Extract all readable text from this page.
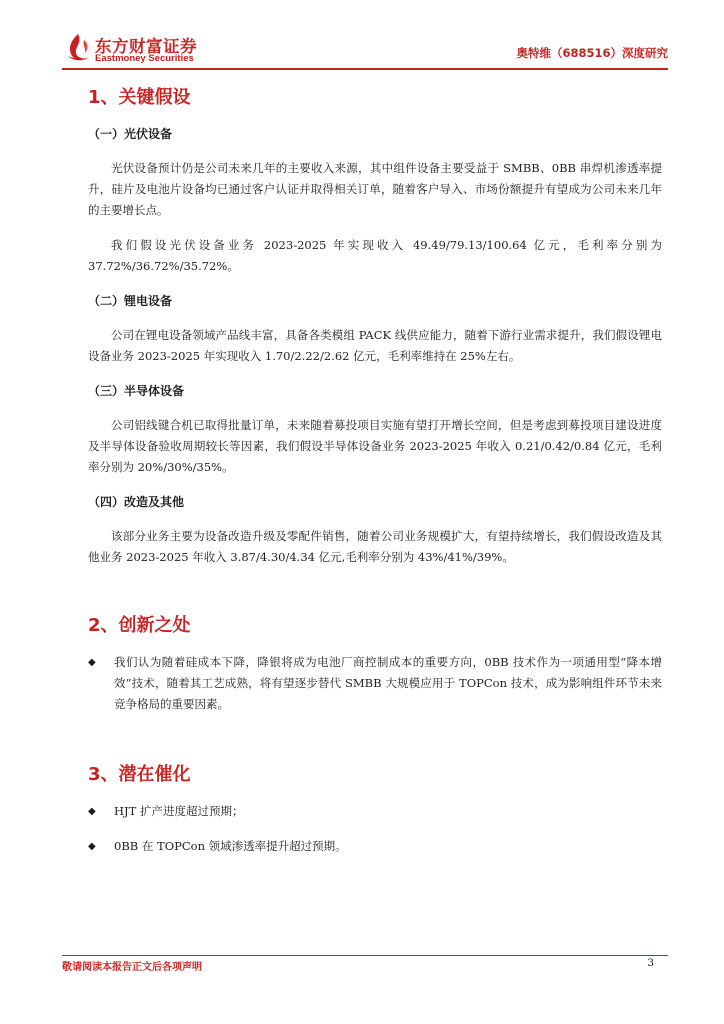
东方财富证券
Eastmoney Securities	奥特维（688516）深度研究
1、关键假设
（一）光伏设备

光伏设备预计仍是公司未来几年的主要收入来源，其中组件设备主要受益于 SMBB、0BB 串焊机渗透率提升，硅片及电池片设备均已通过客户认证并取得相关订单，随着客户导入、市场份额提升有望成为公司未来几年的主要增长点。

我们假设光伏设备业务 2023-2025 年实现收入 49.49/79.13/100.64 亿元，毛利率分别为 37.72%/36.72%/35.72%。

（二）锂电设备

公司在锂电设备领域产品线丰富，具备各类模组 PACK 线供应能力，随着下游行业需求提升，我们假设锂电设备业务 2023-2025 年实现收入 1.70/2.22/2.62 亿元，毛利率维持在 25%左右。

（三）半导体设备

公司铝线键合机已取得批量订单，未来随着募投项目实施有望打开增长空间，但是考虑到募投项目建设进度及半导体设备验收周期较长等因素，我们假设半导体设备业务 2023-2025 年收入 0.21/0.42/0.84 亿元，毛利率分别为 20%/30%/35%。

（四）改造及其他

该部分业务主要为设备改造升级及零配件销售，随着公司业务规模扩大，有望持续增长，我们假设改造及其他业务 2023-2025 年收入 3.87/4.30/4.34 亿元,毛利率分别为 43%/41%/39%。

2、创新之处
◆ 我们认为随着硅成本下降，降银将成为电池厂商控制成本的重要方向，0BB 技术作为一项通用型“降本增效”技术，随着其工艺成熟，将有望逐步替代 SMBB 大规模应用于 TOPCon 技术，成为影响组件环节未来竞争格局的重要因素。
3、潜在催化
◆ HJT 扩产进度超过预期；
◆ 0BB 在 TOPCon 领域渗透率提升超过预期。
敬请阅读本报告正文后各项声明	3
